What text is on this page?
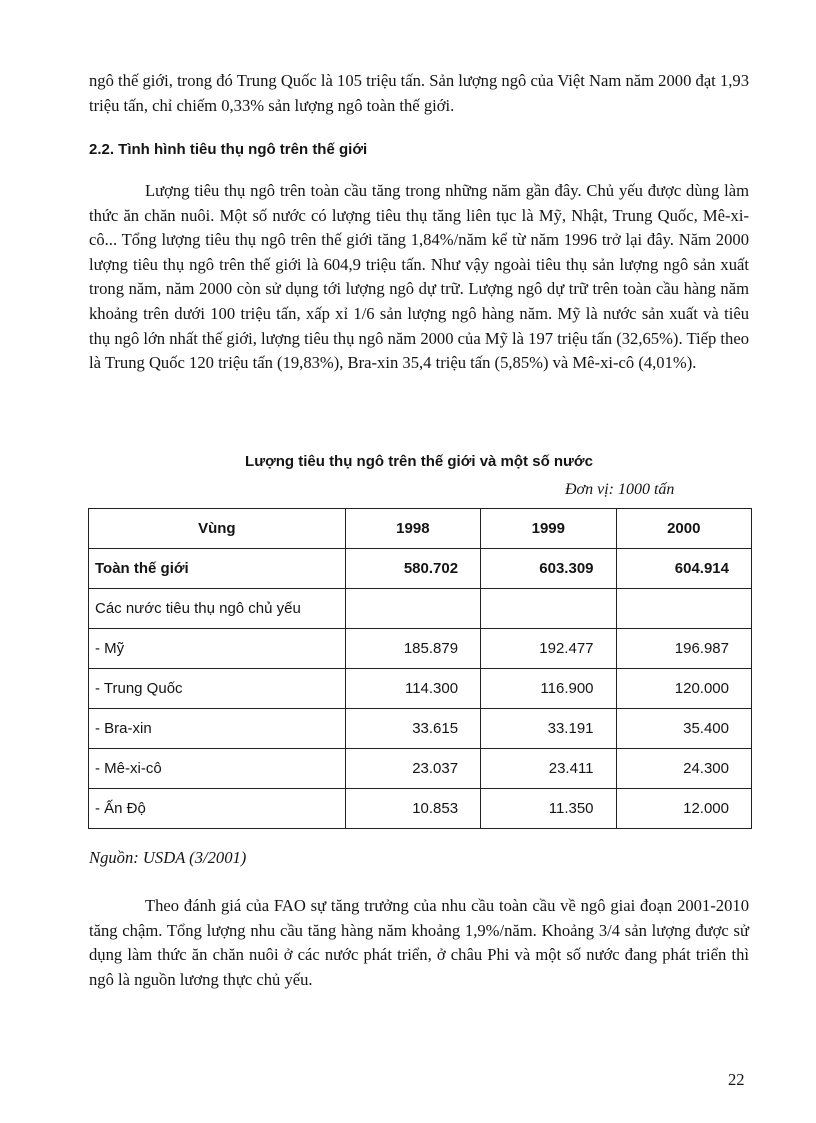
ngô thế giới, trong đó Trung Quốc là 105 triệu tấn. Sản lượng ngô của Việt Nam năm 2000 đạt 1,93 triệu tấn, chỉ chiếm 0,33% sản lượng ngô toàn thế giới.

2.2. Tình hình tiêu thụ ngô trên thế giới

Lượng tiêu thụ ngô trên toàn cầu tăng trong những năm gần đây. Chủ yếu được dùng làm thức ăn chăn nuôi. Một số nước có lượng tiêu thụ tăng liên tục là Mỹ, Nhật, Trung Quốc, Mê-xi-cô... Tổng lượng tiêu thụ ngô trên thế giới tăng 1,84%/năm kể từ năm 1996 trở lại đây. Năm 2000 lượng tiêu thụ ngô trên thế giới là 604,9 triệu tấn. Như vậy ngoài tiêu thụ sản lượng ngô sản xuất trong năm, năm 2000 còn sử dụng tới lượng ngô dự trữ. Lượng ngô dự trữ trên toàn cầu hàng năm khoảng trên dưới 100 triệu tấn, xấp xỉ 1/6 sản lượng ngô hàng năm. Mỹ là nước sản xuất và tiêu thụ ngô lớn nhất thế giới, lượng tiêu thụ ngô năm 2000 của Mỹ là 197 triệu tấn (32,65%). Tiếp theo là Trung Quốc 120 triệu tấn (19,83%), Bra-xin 35,4 triệu tấn (5,85%) và Mê-xi-cô (4,01%).

Lượng tiêu thụ ngô trên thế giới và một số nước

Đơn vị: 1000 tấn

Vùng	1998	1999	2000
Toàn thế giới	580.702	603.309	604.914
Các nước tiêu thụ ngô chủ yếu			
- Mỹ	185.879	192.477	196.987
- Trung Quốc	114.300	116.900	120.000
- Bra-xin	33.615	33.191	35.400
- Mê-xi-cô	23.037	23.411	24.300
- Ấn Độ	10.853	11.350	12.000

Nguồn: USDA (3/2001)

Theo đánh giá của FAO sự tăng trưởng của nhu cầu toàn cầu về ngô giai đoạn 2001-2010 tăng chậm. Tổng lượng nhu cầu tăng hàng năm khoảng 1,9%/năm. Khoảng 3/4 sản lượng được sử dụng làm thức ăn chăn nuôi ở các nước phát triển, ở châu Phi và một số nước đang phát triển thì ngô là nguồn lương thực chủ yếu.

22
